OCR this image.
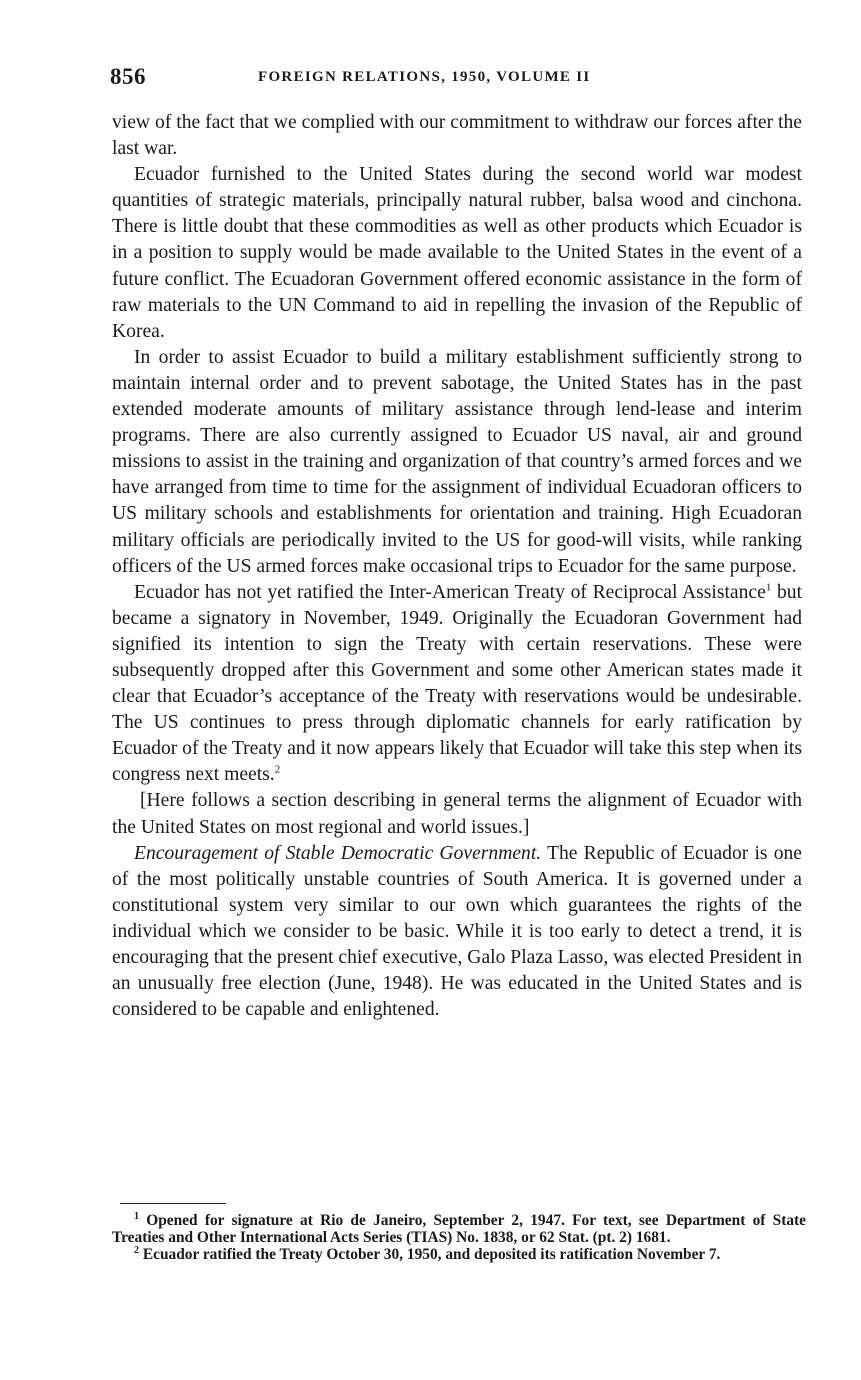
856	FOREIGN RELATIONS, 1950, VOLUME II

view of the fact that we complied with our commitment to withdraw our forces after the last war.

Ecuador furnished to the United States during the second world war modest quantities of strategic materials, principally natural rubber, balsa wood and cinchona. There is little doubt that these commodities as well as other products which Ecuador is in a position to supply would be made available to the United States in the event of a future conflict. The Ecuadoran Government offered economic assistance in the form of raw materials to the UN Command to aid in repelling the invasion of the Republic of Korea.

In order to assist Ecuador to build a military establishment sufficiently strong to maintain internal order and to prevent sabotage, the United States has in the past extended moderate amounts of military assistance through lend-lease and interim programs. There are also currently assigned to Ecuador US naval, air and ground missions to assist in the training and organization of that country’s armed forces and we have arranged from time to time for the assignment of individual Ecuadoran officers to US military schools and establishments for orientation and training. High Ecuadoran military officials are periodically invited to the US for good-will visits, while ranking officers of the US armed forces make occasional trips to Ecuador for the same purpose.

Ecuador has not yet ratified the Inter-American Treaty of Reciprocal Assistance$^1$ but became a signatory in November, 1949. Originally the Ecuadoran Government had signified its intention to sign the Treaty with certain reservations. These were subsequently dropped after this Government and some other American states made it clear that Ecuador’s acceptance of the Treaty with reservations would be undesirable. The US continues to press through diplomatic channels for early ratification by Ecuador of the Treaty and it now appears likely that Ecuador will take this step when its congress next meets.$^2$

[Here follows a section describing in general terms the alignment of Ecuador with the United States on most regional and world issues.]

Encouragement of Stable Democratic Government. The Republic of Ecuador is one of the most politically unstable countries of South America. It is governed under a constitutional system very similar to our own which guarantees the rights of the individual which we consider to be basic. While it is too early to detect a trend, it is encouraging that the present chief executive, Galo Plaza Lasso, was elected President in an unusually free election (June, 1948). He was educated in the United States and is considered to be capable and enlightened.

$^1$ Opened for signature at Rio de Janeiro, September 2, 1947. For text, see Department of State Treaties and Other International Acts Series (TIAS) No. 1838, or 62 Stat. (pt. 2) 1681.

$^2$ Ecuador ratified the Treaty October 30, 1950, and deposited its ratification November 7.
